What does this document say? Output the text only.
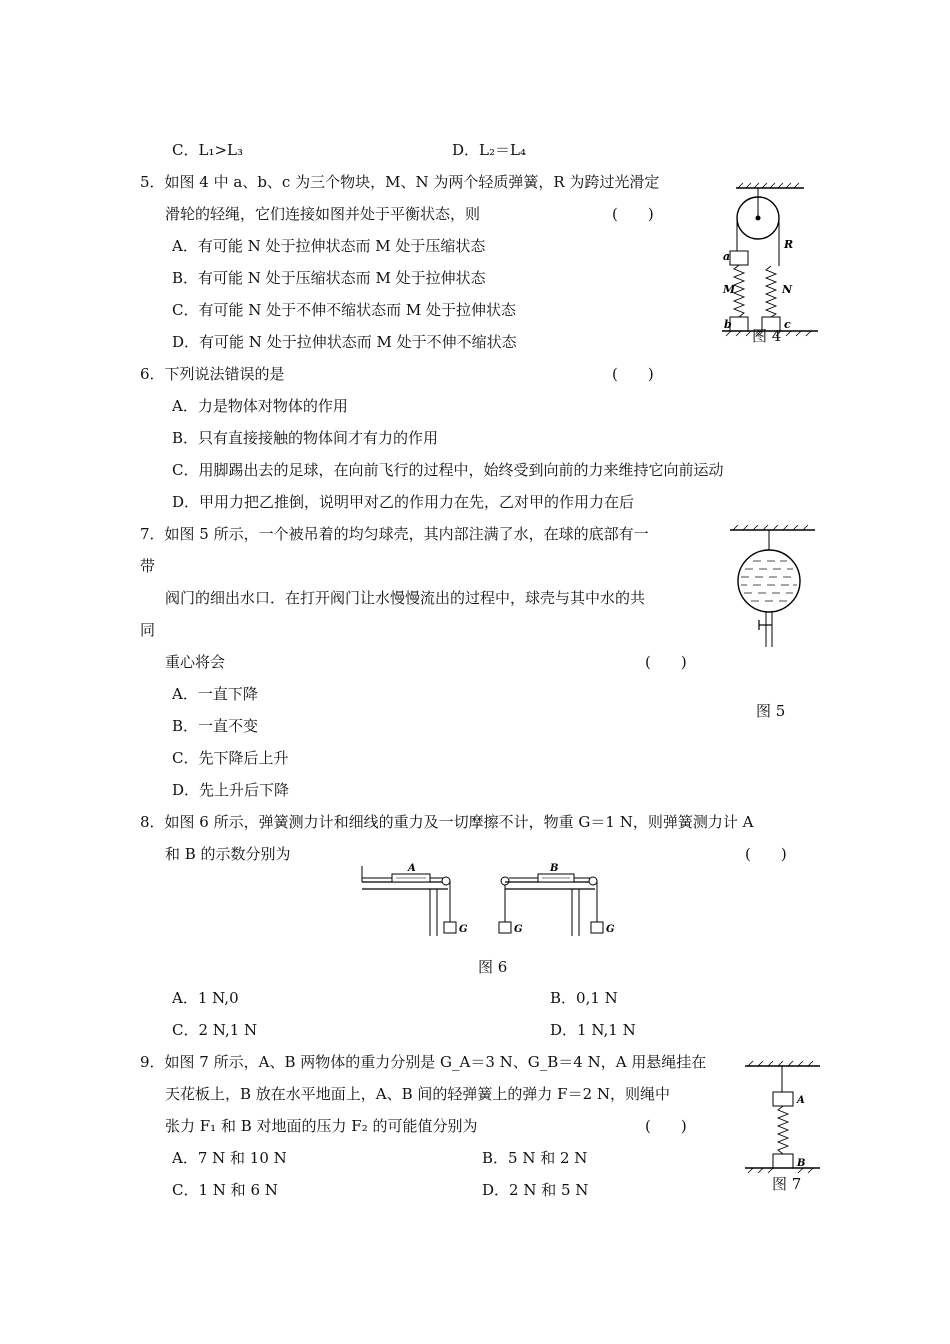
C．L₁>L₃	D．L₂＝L₄
5．如图 4 中 a、b、c 为三个物块，M、N 为两个轻质弹簧，R 为跨过光滑定
滑轮的轻绳，它们连接如图并处于平衡状态，则	(　　)
A．有可能 N 处于拉伸状态而 M 处于压缩状态
B．有可能 N 处于压缩状态而 M 处于拉伸状态
C．有可能 N 处于不伸不缩状态而 M 处于拉伸状态
D．有可能 N 处于拉伸状态而 M 处于不伸不缩状态
a
M
R
N
b	c
图 4
6．下列说法错误的是	(　　)
A．力是物体对物体的作用
B．只有直接接触的物体间才有力的作用
C．用脚踢出去的足球，在向前飞行的过程中，始终受到向前的力来维持它向前运动
D．甲用力把乙推倒，说明甲对乙的作用力在先，乙对甲的作用力在后
7．如图 5 所示，一个被吊着的均匀球壳，其内部注满了水，在球的底部有一
带
阀门的细出水口．在打开阀门让水慢慢流出的过程中，球壳与其中水的共
同
重心将会	(　　)
A．一直下降
B．一直不变
C．先下降后上升
D．先上升后下降
图 5
8．如图 6 所示，弹簧测力计和细线的重力及一切摩擦不计，物重 G＝1 N，则弹簧测力计 A
和 B 的示数分别为	(　　)
A
G	G
B
G
图 6
A．1 N,0	B．0,1 N
C．2 N,1 N	D．1 N,1 N
9．如图 7 所示，A、B 两物体的重力分别是 G_A＝3 N、G_B＝4 N，A 用悬绳挂在
天花板上，B 放在水平地面上，A、B 间的轻弹簧上的弹力 F＝2 N，则绳中
张力 F₁ 和 B 对地面的压力 F₂ 的可能值分别为	(　　)
A．7 N 和 10 N	B．5 N 和 2 N
C．1 N 和 6 N	D．2 N 和 5 N
A
B
图 7
